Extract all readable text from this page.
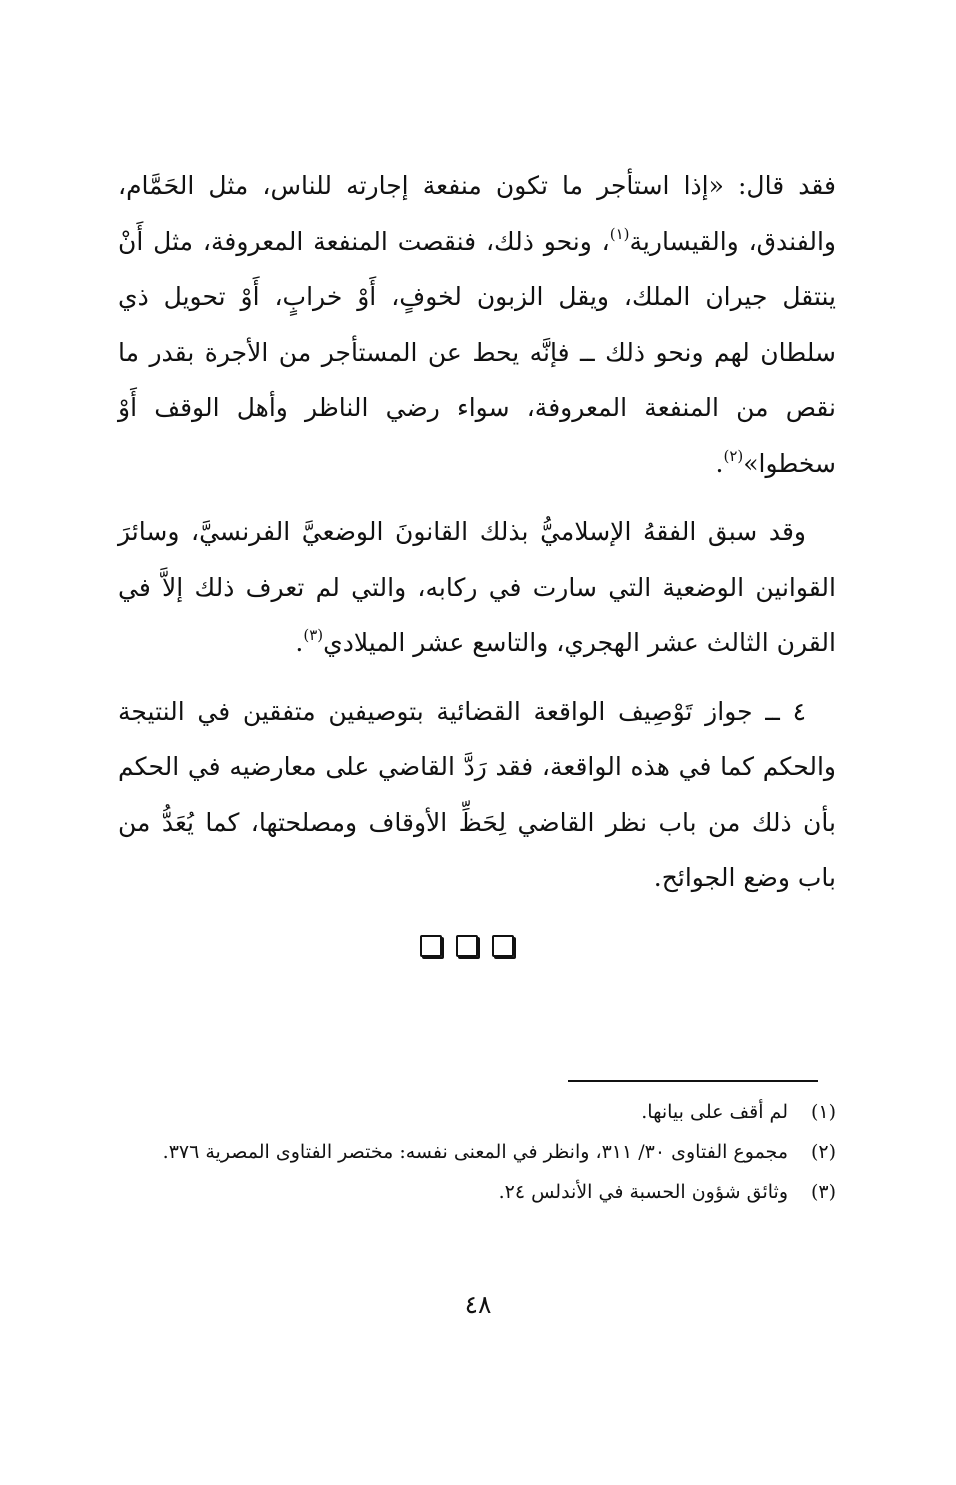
فقد قال: «إذا استأجر ما تكون منفعة إجارته للناس، مثل الحَمَّام، والفندق، والقيسارية$^{(١)}$، ونحو ذلك، فنقصت المنفعة المعروفة، مثل أَنْ ينتقل جيران الملك، ويقل الزبون لخوفٍ، أَوْ خرابٍ، أَوْ تحويل ذي سلطان لهم ونحو ذلك ــ فإنَّه يحط عن المستأجر من الأجرة بقدر ما نقص من المنفعة المعروفة، سواء رضي الناظر وأهل الوقف أَوْ سخطوا»$^{(٢)}$.

وقد سبق الفقهُ الإسلاميُّ بذلك القانونَ الوضعيَّ الفرنسيَّ، وسائرَ القوانين الوضعية التي سارت في ركابه، والتي لم تعرف ذلك إلاَّ في القرن الثالث عشر الهجري، والتاسع عشر الميلادي$^{(٣)}$.

٤ ــ جواز تَوْصِيف الواقعة القضائية بتوصيفين متفقين في النتيجة والحكم كما في هذه الواقعة، فقد رَدَّ القاضي على معارضيه في الحكم بأن ذلك من باب نظر القاضي لِحَظِّ الأوقاف ومصلحتها، كما يُعَدُّ من باب وضع الجوائح.

(١)
لم أقف على بيانها.
(٢)
مجموع الفتاوى ٣٠/ ٣١١، وانظر في المعنى نفسه: مختصر الفتاوى المصرية ٣٧٦.
(٣)
وثائق شؤون الحسبة في الأندلس ٢٤.
٤٨
